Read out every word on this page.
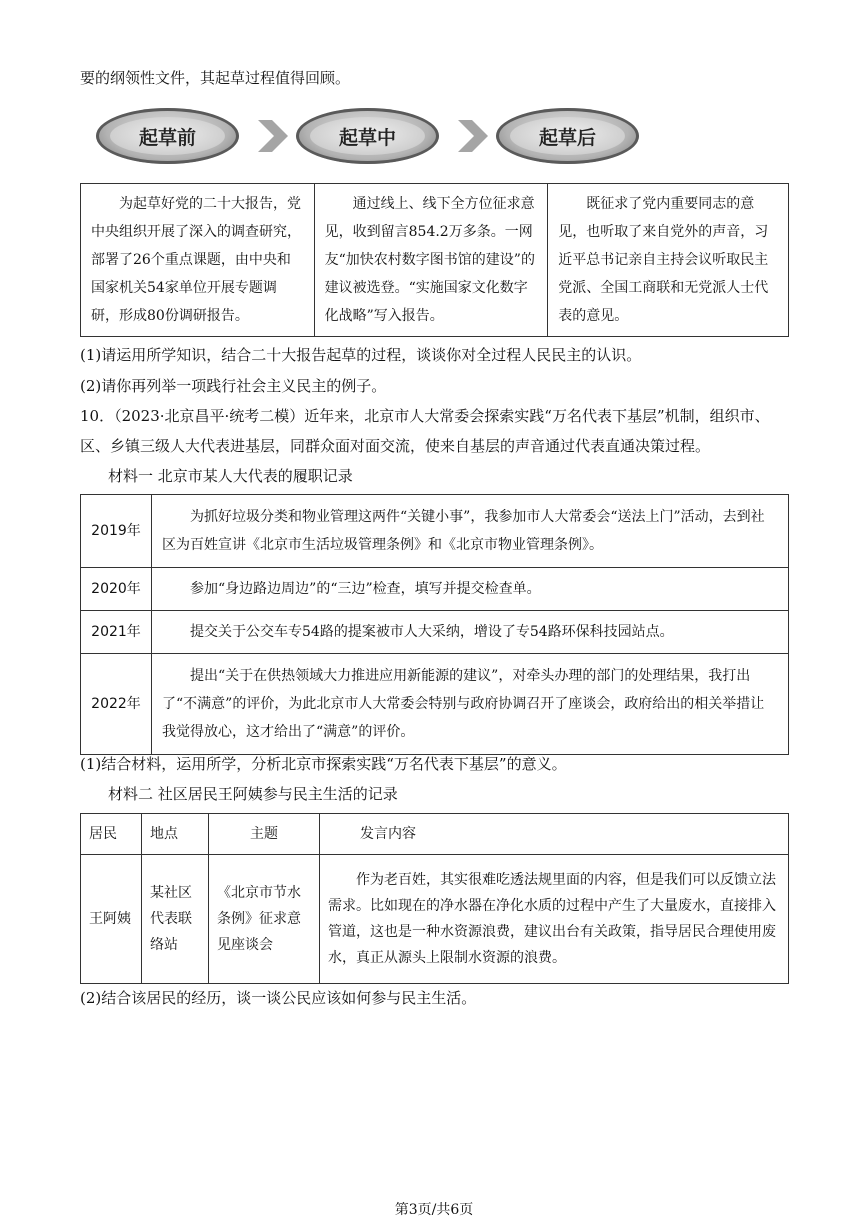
要的纲领性文件，其起草过程值得回顾。
起草前	起草中	起草后
为起草好党的二十大报告，党中央组织开展了深入的调查研究，部署了26个重点课题，由中央和国家机关54家单位开展专题调研，形成80份调研报告。	通过线上、线下全方位征求意见，收到留言854.2万多条。一网友“加快农村数字图书馆的建设”的建议被选登。“实施国家文化数字化战略”写入报告。	既征求了党内重要同志的意见，也听取了来自党外的声音，习近平总书记亲自主持会议听取民主党派、全国工商联和无党派人士代表的意见。
(1)请运用所学知识，结合二十大报告起草的过程，谈谈你对全过程人民民主的认识。
(2)请你再列举一项践行社会主义民主的例子。
10．（2023·北京昌平·统考二模）近年来，北京市人大常委会探索实践“万名代表下基层”机制，组织市、
区、乡镇三级人大代表进基层，同群众面对面交流，使来自基层的声音通过代表直通决策过程。
材料一 北京市某人大代表的履职记录
2019年	为抓好垃圾分类和物业管理这两件“关键小事”，我参加市人大常委会“送法上门”活动，去到社区为百姓宣讲《北京市生活垃圾管理条例》和《北京市物业管理条例》。
2020年	参加“身边路边周边”的“三边”检查，填写并提交检查单。
2021年	提交关于公交车专54路的提案被市人大采纳，增设了专54路环保科技园站点。
2022年	提出“关于在供热领域大力推进应用新能源的建议”，对牵头办理的部门的处理结果，我打出了“不满意”的评价，为此北京市人大常委会特别与政府协调召开了座谈会，政府给出的相关举措让我觉得放心，这才给出了“满意”的评价。
(1)结合材料，运用所学，分析北京市探索实践“万名代表下基层”的意义。
材料二 社区居民王阿姨参与民主生活的记录
居民	地点	主题	发言内容
王阿姨	某社区代表联络站	《北京市节水条例》征求意见座谈会	作为老百姓，其实很难吃透法规里面的内容，但是我们可以反馈立法需求。比如现在的净水器在净化水质的过程中产生了大量废水，直接排入管道，这也是一种水资源浪费，建议出台有关政策，指导居民合理使用废水，真正从源头上限制水资源的浪费。
(2)结合该居民的经历，谈一谈公民应该如何参与民主生活。
第3页/共6页
